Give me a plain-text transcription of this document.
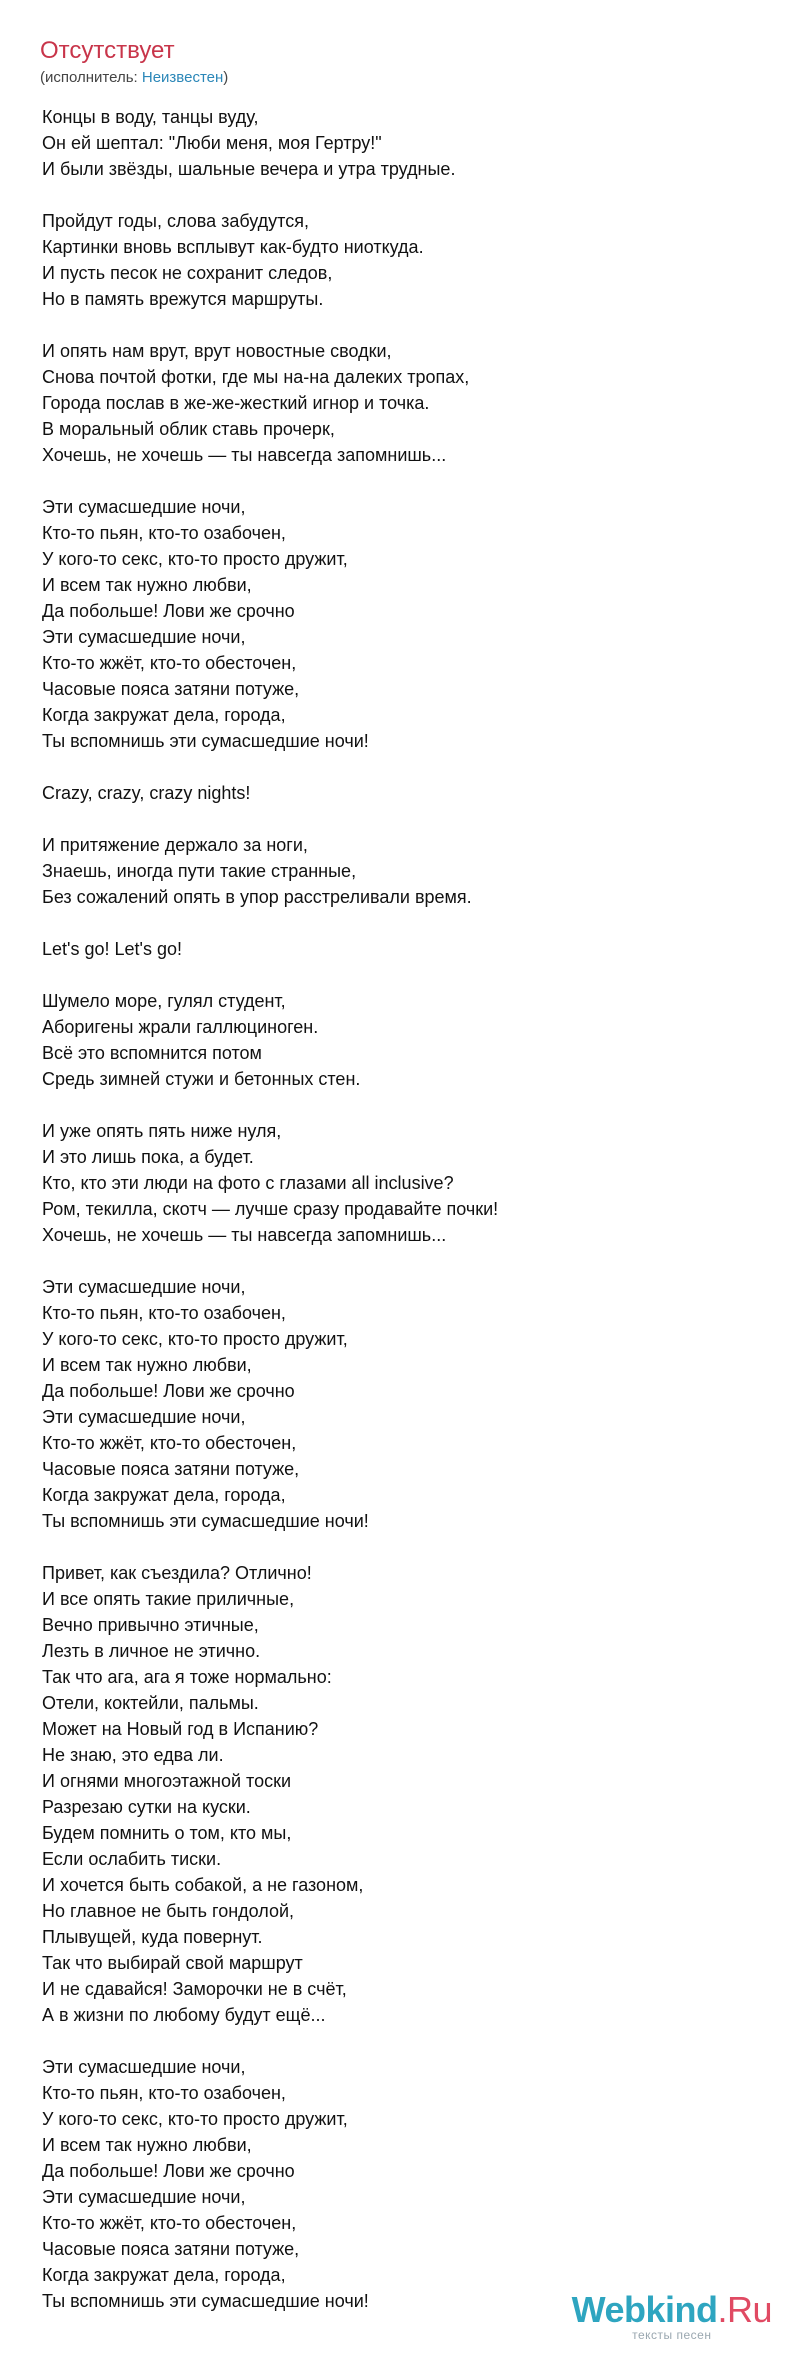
Отсутствует
(исполнитель: Неизвестен)
Концы в воду, танцы вуду,
Он ей шептал: "Люби меня, моя Гертру!"
И были звёзды, шальные вечера и утра трудные.
Пройдут годы, слова забудутся,
Картинки вновь всплывут как-будто ниоткуда.
И пусть песок не сохранит следов,
Но в память врежутся маршруты.
И опять нам врут, врут новостные сводки,
Снова почтой фотки, где мы на-на далеких тропах,
Города послав в же-же-жесткий игнор и точка.
В моральный облик ставь прочерк,
Хочешь, не хочешь — ты навсегда запомнишь...
Эти сумасшедшие ночи,
Кто-то пьян, кто-то озабочен,
У кого-то секс, кто-то просто дружит,
И всем так нужно любви,
Да побольше! Лови же срочно
Эти сумасшедшие ночи,
Кто-то жжёт, кто-то обесточен,
Часовые пояса затяни потуже,
Когда закружат дела, города,
Ты вспомнишь эти сумасшедшие ночи!
Crazy, crazy, crazy nights!
И притяжение держало за ноги,
Знаешь, иногда пути такие странные,
Без сожалений опять в упор расстреливали время.
Let's go! Let's go!
Шумело море, гулял студент,
Аборигены жрали галлюциноген.
Всё это вспомнится потом
Средь зимней стужи и бетонных стен.
И уже опять пять ниже нуля,
И это лишь пока, а будет.
Кто, кто эти люди на фото с глазами all inclusive?
Ром, текилла, скотч — лучше сразу продавайте почки!
Хочешь, не хочешь — ты навсегда запомнишь...
Эти сумасшедшие ночи,
Кто-то пьян, кто-то озабочен,
У кого-то секс, кто-то просто дружит,
И всем так нужно любви,
Да побольше! Лови же срочно
Эти сумасшедшие ночи,
Кто-то жжёт, кто-то обесточен,
Часовые пояса затяни потуже,
Когда закружат дела, города,
Ты вспомнишь эти сумасшедшие ночи!
Привет, как съездила? Отлично!
И все опять такие приличные,
Вечно привычно этичные,
Лезть в личное не этично.
Так что ага, ага я тоже нормально:
Отели, коктейли, пальмы.
Может на Новый год в Испанию?
Не знаю, это едва ли.
И огнями многоэтажной тоски
Разрезаю сутки на куски.
Будем помнить о том, кто мы,
Если ослабить тиски.
И хочется быть собакой, а не газоном,
Но главное не быть гондолой,
Плывущей, куда повернут.
Так что выбирай свой маршрут
И не сдавайся! Заморочки не в счёт,
А в жизни по любому будут ещё...
Эти сумасшедшие ночи,
Кто-то пьян, кто-то озабочен,
У кого-то секс, кто-то просто дружит,
И всем так нужно любви,
Да побольше! Лови же срочно
Эти сумасшедшие ночи,
Кто-то жжёт, кто-то обесточен,
Часовые пояса затяни потуже,
Когда закружат дела, города,
Ты вспомнишь эти сумасшедшие ночи!	Webkind.Ru
тексты песен
